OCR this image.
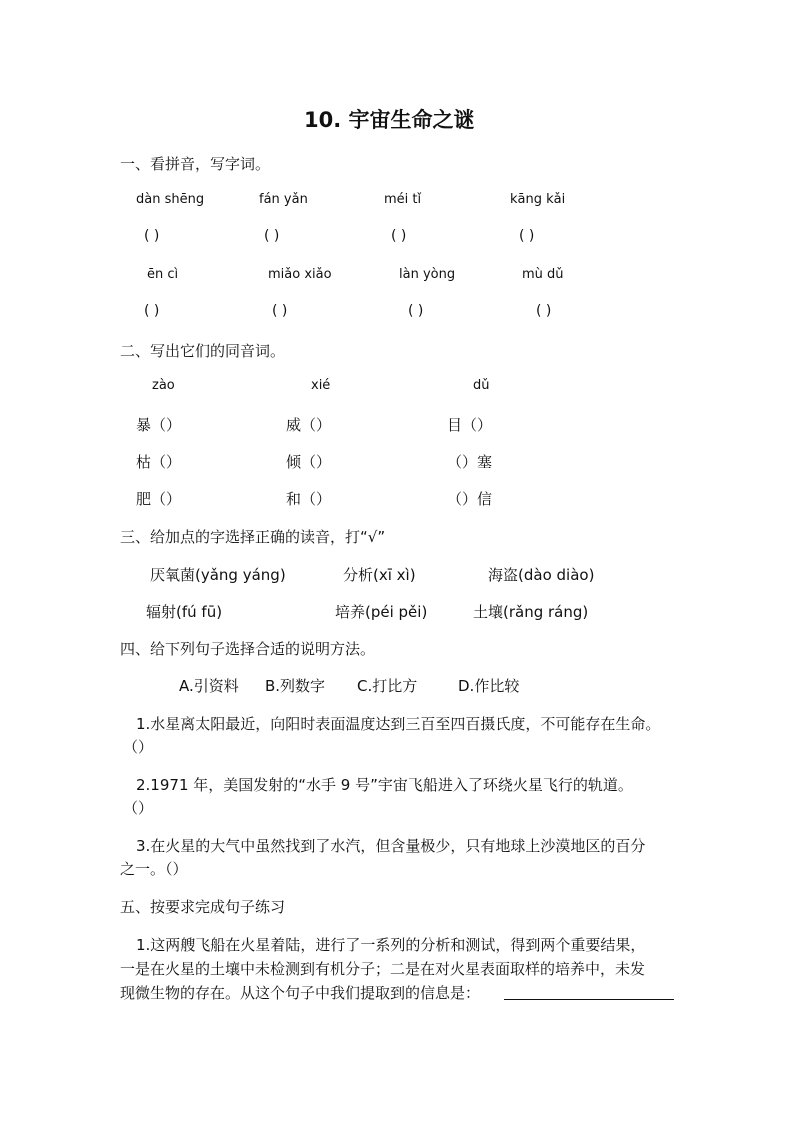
10. 宇宙生命之谜
一、看拼音，写字词。
dàn shēng	fán yǎn	méi tǐ	kāng kǎi
( )	( )	( )	( )
ēn cì	miǎo xiǎo	làn yòng	mù dǔ
( )	( )	( )	( )
二、写出它们的同音词。
zào	xié	dǔ
暴（）	威（）	目（）
枯（）	倾（）	（）塞
肥（）	和（）	（）信
三、给加点的字选择正确的读音，打“√”
厌氧菌(yǎng yáng)	分析(xī xì)	海盗(dào diào)
辐射(fú fū)	培养(péi pěi)	土壤(rǎng ráng)
四、给下列句子选择合适的说明方法。
A.引资料 B.列数字 C.打比方	D.作比较
1.水星离太阳最近，向阳时表面温度达到三百至四百摄氏度，不可能存在生命。
（）
2.1971 年，美国发射的“水手 9 号”宇宙飞船进入了环绕火星飞行的轨道。
（）
3.在火星的大气中虽然找到了水汽，但含量极少，只有地球上沙漠地区的百分
之一。（）
五、按要求完成句子练习
1.这两艘飞船在火星着陆，进行了一系列的分析和测试，得到两个重要结果，
一是在火星的土壤中未检测到有机分子；二是在对火星表面取样的培养中，未发
现微生物的存在。从这个句子中我们提取到的信息是：
